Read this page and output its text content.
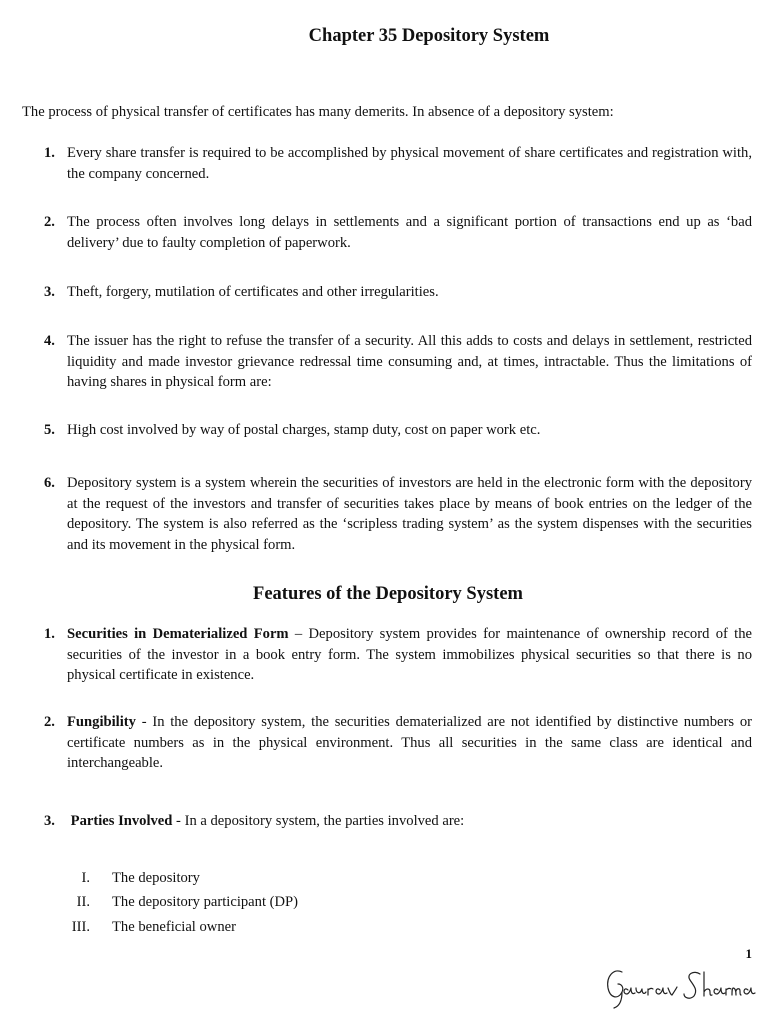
Chapter 35 Depository System

The process of physical transfer of certificates has many demerits. In absence of a depository system:

1. Every share transfer is required to be accomplished by physical movement of share certificates and registration with, the company concerned.
2. The process often involves long delays in settlements and a significant portion of transactions end up as ‘bad delivery’ due to faulty completion of paperwork.
3. Theft, forgery, mutilation of certificates and other irregularities.
4. The issuer has the right to refuse the transfer of a security. All this adds to costs and delays in settlement, restricted liquidity and made investor grievance redressal time consuming and, at times, intractable. Thus the limitations of having shares in physical form are:
5. High cost involved by way of postal charges, stamp duty, cost on paper work etc.
6. Depository system is a system wherein the securities of investors are held in the electronic form with the depository at the request of the investors and transfer of securities takes place by means of book entries on the ledger of the depository. The system is also referred as the ‘scripless trading system’ as the system dispenses with the securities and its movement in the physical form.
Features of the Depository System
1. Securities in Dematerialized Form – Depository system provides for maintenance of ownership record of the securities of the investor in a book entry form. The system immobilizes physical securities so that there is no physical certificate in existence.
2. Fungibility - In the depository system, the securities dematerialized are not identified by distinctive numbers or certificate numbers as in the physical environment. Thus all securities in the same class are identical and interchangeable.
3.	Parties Involved - In a depository system, the parties involved are:
I.	The depository
II.	The depository participant (DP)
III.	The beneficial owner
1
